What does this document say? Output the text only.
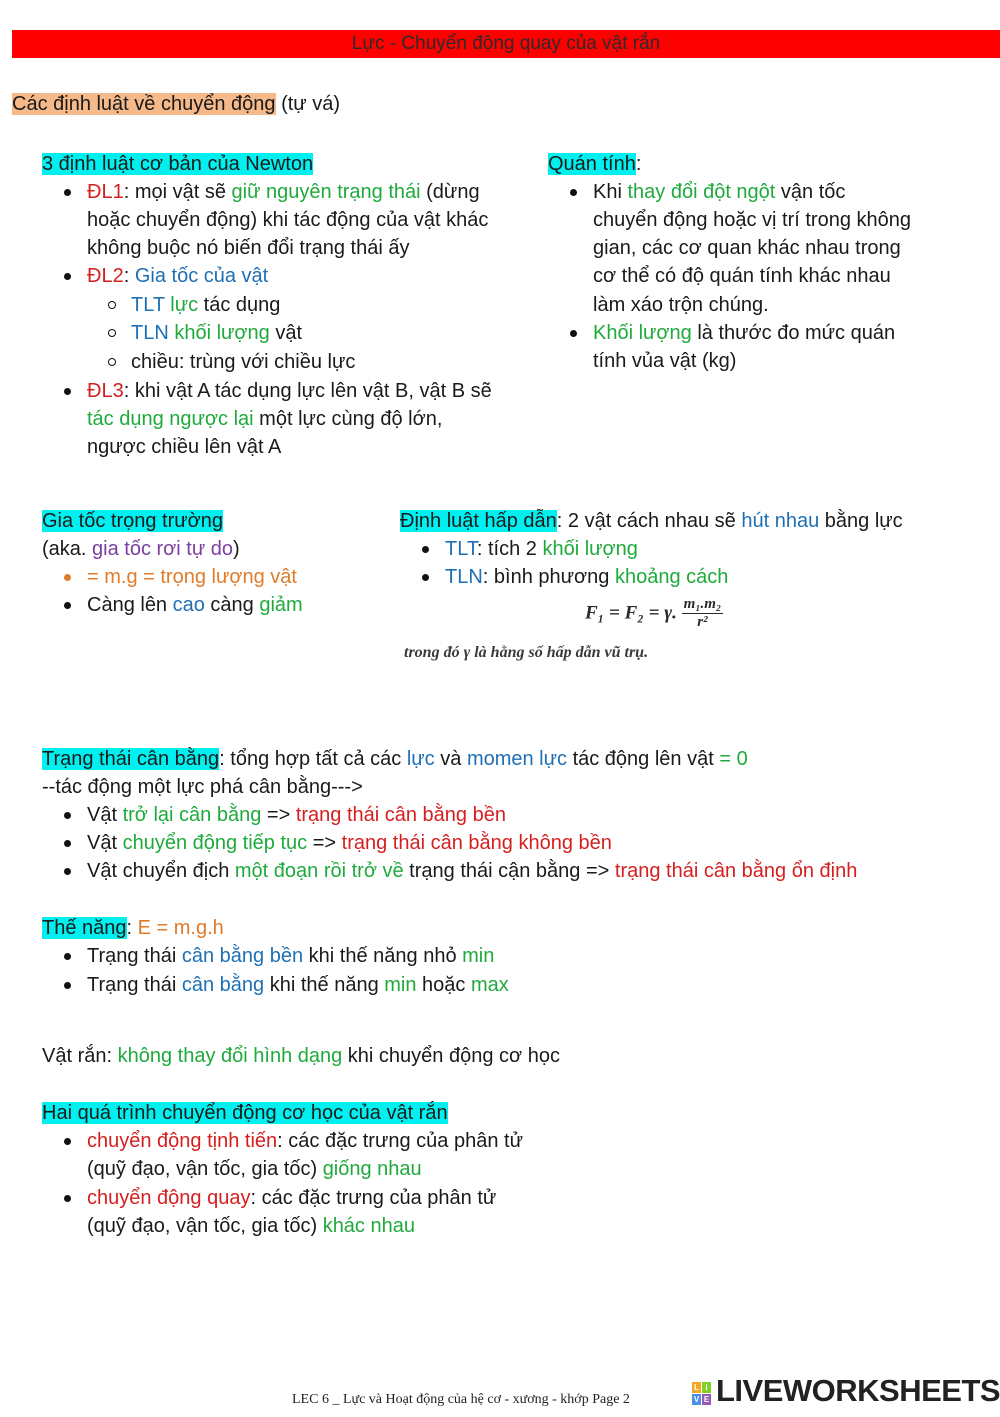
Lực - Chuyển động quay của vật rắn
Các định luật về chuyển động (tự vá)
3 định luật cơ bản của Newton
ĐL1: mọi vật sẽ giữ nguyên trạng thái (dừng
hoặc chuyển động) khi tác động của vật khác
không buộc nó biến đổi trạng thái ấy
ĐL2: Gia tốc của vật
TLT lực tác dụng
TLN khối lượng vật
chiều: trùng với chiều lực
ĐL3: khi vật A tác dụng lực lên vật B, vật B sẽ
tác dụng ngược lại một lực cùng độ lớn,
ngược chiều lên vật A
Quán tính:
Khi thay đổi đột ngột vận tốc
chuyển động hoặc vị trí trong không
gian, các cơ quan khác nhau trong
cơ thể có độ quán tính khác nhau
làm xáo trộn chúng.
Khối lượng là thước đo mức quán
tính vủa vật (kg)
Gia tốc trọng trường
(aka. gia tốc rơi tự do)
= m.g = trọng lượng vật
Càng lên cao càng giảm
Định luật hấp dẫn: 2 vật cách nhau sẽ hút nhau bằng lực
TLT: tích 2 khối lượng
TLN: bình phương khoảng cách
F₁ = F₂ = γ. $\frac{\text{m₁.m₂}}{\text{r²}}$
trong đó γ là hằng số hấp dẫn vũ trụ.
Trạng thái cân bằng: tổng hợp tất cả các lực và momen lực tác động lên vật = 0
--tác động một lực phá cân bằng--->
Vật trở lại cân bằng => trạng thái cân bằng bền
Vật chuyển động tiếp tục => trạng thái cân bằng không bền
Vật chuyển địch một đoạn rồi trở về trạng thái cận bằng => trạng thái cân bằng ổn định
Thế năng: E = m.g.h
Trạng thái cân bằng bền khi thế năng nhỏ min
Trạng thái cân bằng khi thế năng min hoặc max
Vật rắn: không thay đổi hình dạng khi chuyển động cơ học
Hai quá trình chuyển động cơ học của vật rắn
chuyển động tịnh tiến: các đặc trưng của phân tử
(quỹ đạo, vận tốc, gia tốc) giống nhau
chuyển động quay: các đặc trưng của phân tử
(quỹ đạo, vận tốc, gia tốc) khác nhau
LEC 6 _ Lực và Hoạt động của hệ cơ - xương - khớp Page 2
L I
V E LIVEWORKSHEETS
